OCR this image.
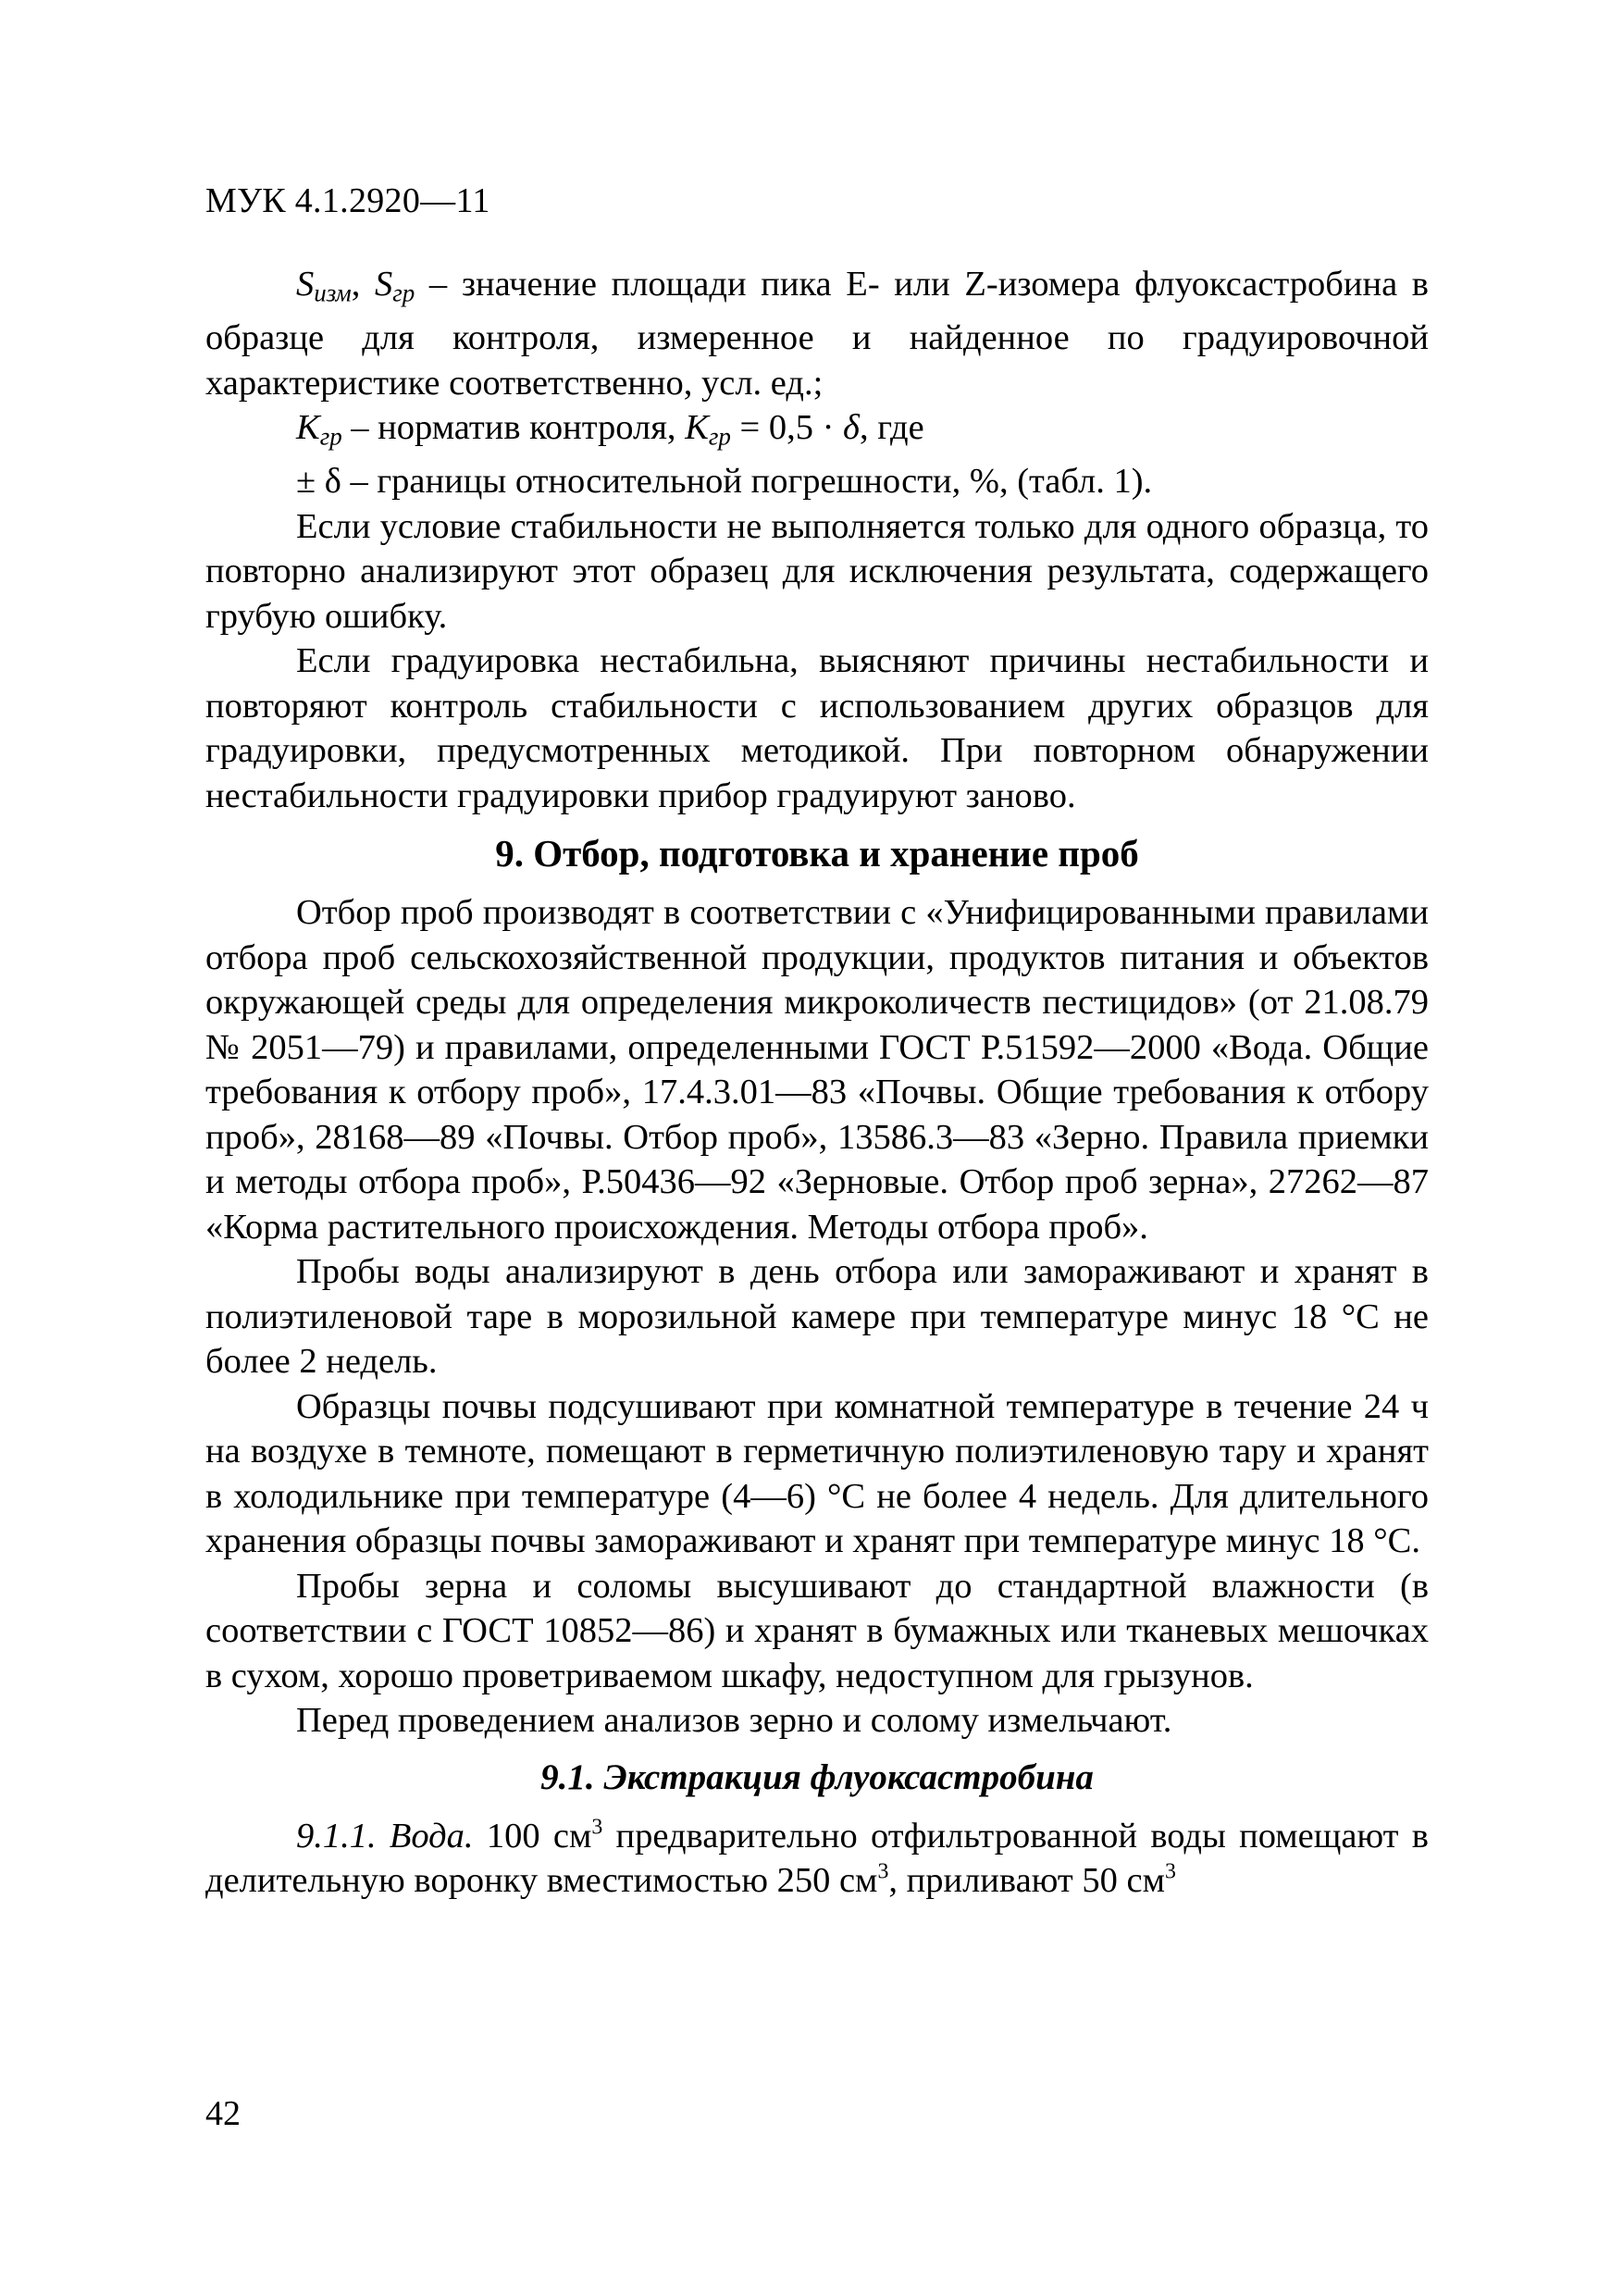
МУК 4.1.2920—11

$S_{изм}$, $S_{гр}$ – значение площади пика E- или Z-изомера флуоксастробина в образце для контроля, измеренное и найденное по градуировочной характеристике соответственно, усл. ед.;

$K_{гр}$ – норматив контроля, $K_{гр} = 0,5 \cdot \delta$, где

± δ – границы относительной погрешности, %, (табл. 1).

Если условие стабильности не выполняется только для одного образца, то повторно анализируют этот образец для исключения результата, содержащего грубую ошибку.

Если градуировка нестабильна, выясняют причины нестабильности и повторяют контроль стабильности с использованием других образцов для градуировки, предусмотренных методикой. При повторном обнаружении нестабильности градуировки прибор градуируют заново.

9. Отбор, подготовка и хранение проб

Отбор проб производят в соответствии с «Унифицированными правилами отбора проб сельскохозяйственной продукции, продуктов питания и объектов окружающей среды для определения микроколичеств пестицидов» (от 21.08.79 № 2051—79) и правилами, определенными ГОСТ Р.51592—2000 «Вода. Общие требования к отбору проб», 17.4.3.01—83 «Почвы. Общие требования к отбору проб», 28168—89 «Почвы. Отбор проб», 13586.3—83 «Зерно. Правила приемки и методы отбора проб», Р.50436—92 «Зерновые. Отбор проб зерна», 27262—87 «Корма растительного происхождения. Методы отбора проб».

Пробы воды анализируют в день отбора или замораживают и хранят в полиэтиленовой таре в морозильной камере при температуре минус 18 °С не более 2 недель.

Образцы почвы подсушивают при комнатной температуре в течение 24 ч на воздухе в темноте, помещают в герметичную полиэтиленовую тару и хранят в холодильнике при температуре (4—6) °С не более 4 недель. Для длительного хранения образцы почвы замораживают и хранят при температуре минус 18 °С.

Пробы зерна и соломы высушивают до стандартной влажности (в соответствии с ГОСТ 10852—86) и хранят в бумажных или тканевых мешочках в сухом, хорошо проветриваемом шкафу, недоступном для грызунов.

Перед проведением анализов зерно и солому измельчают.

9.1. Экстракция флуоксастробина

9.1.1. Вода. 100 $см^3$ предварительно отфильтрованной воды помещают в делительную воронку вместимостью 250 $см^3$, приливают 50 $см^3$

42
